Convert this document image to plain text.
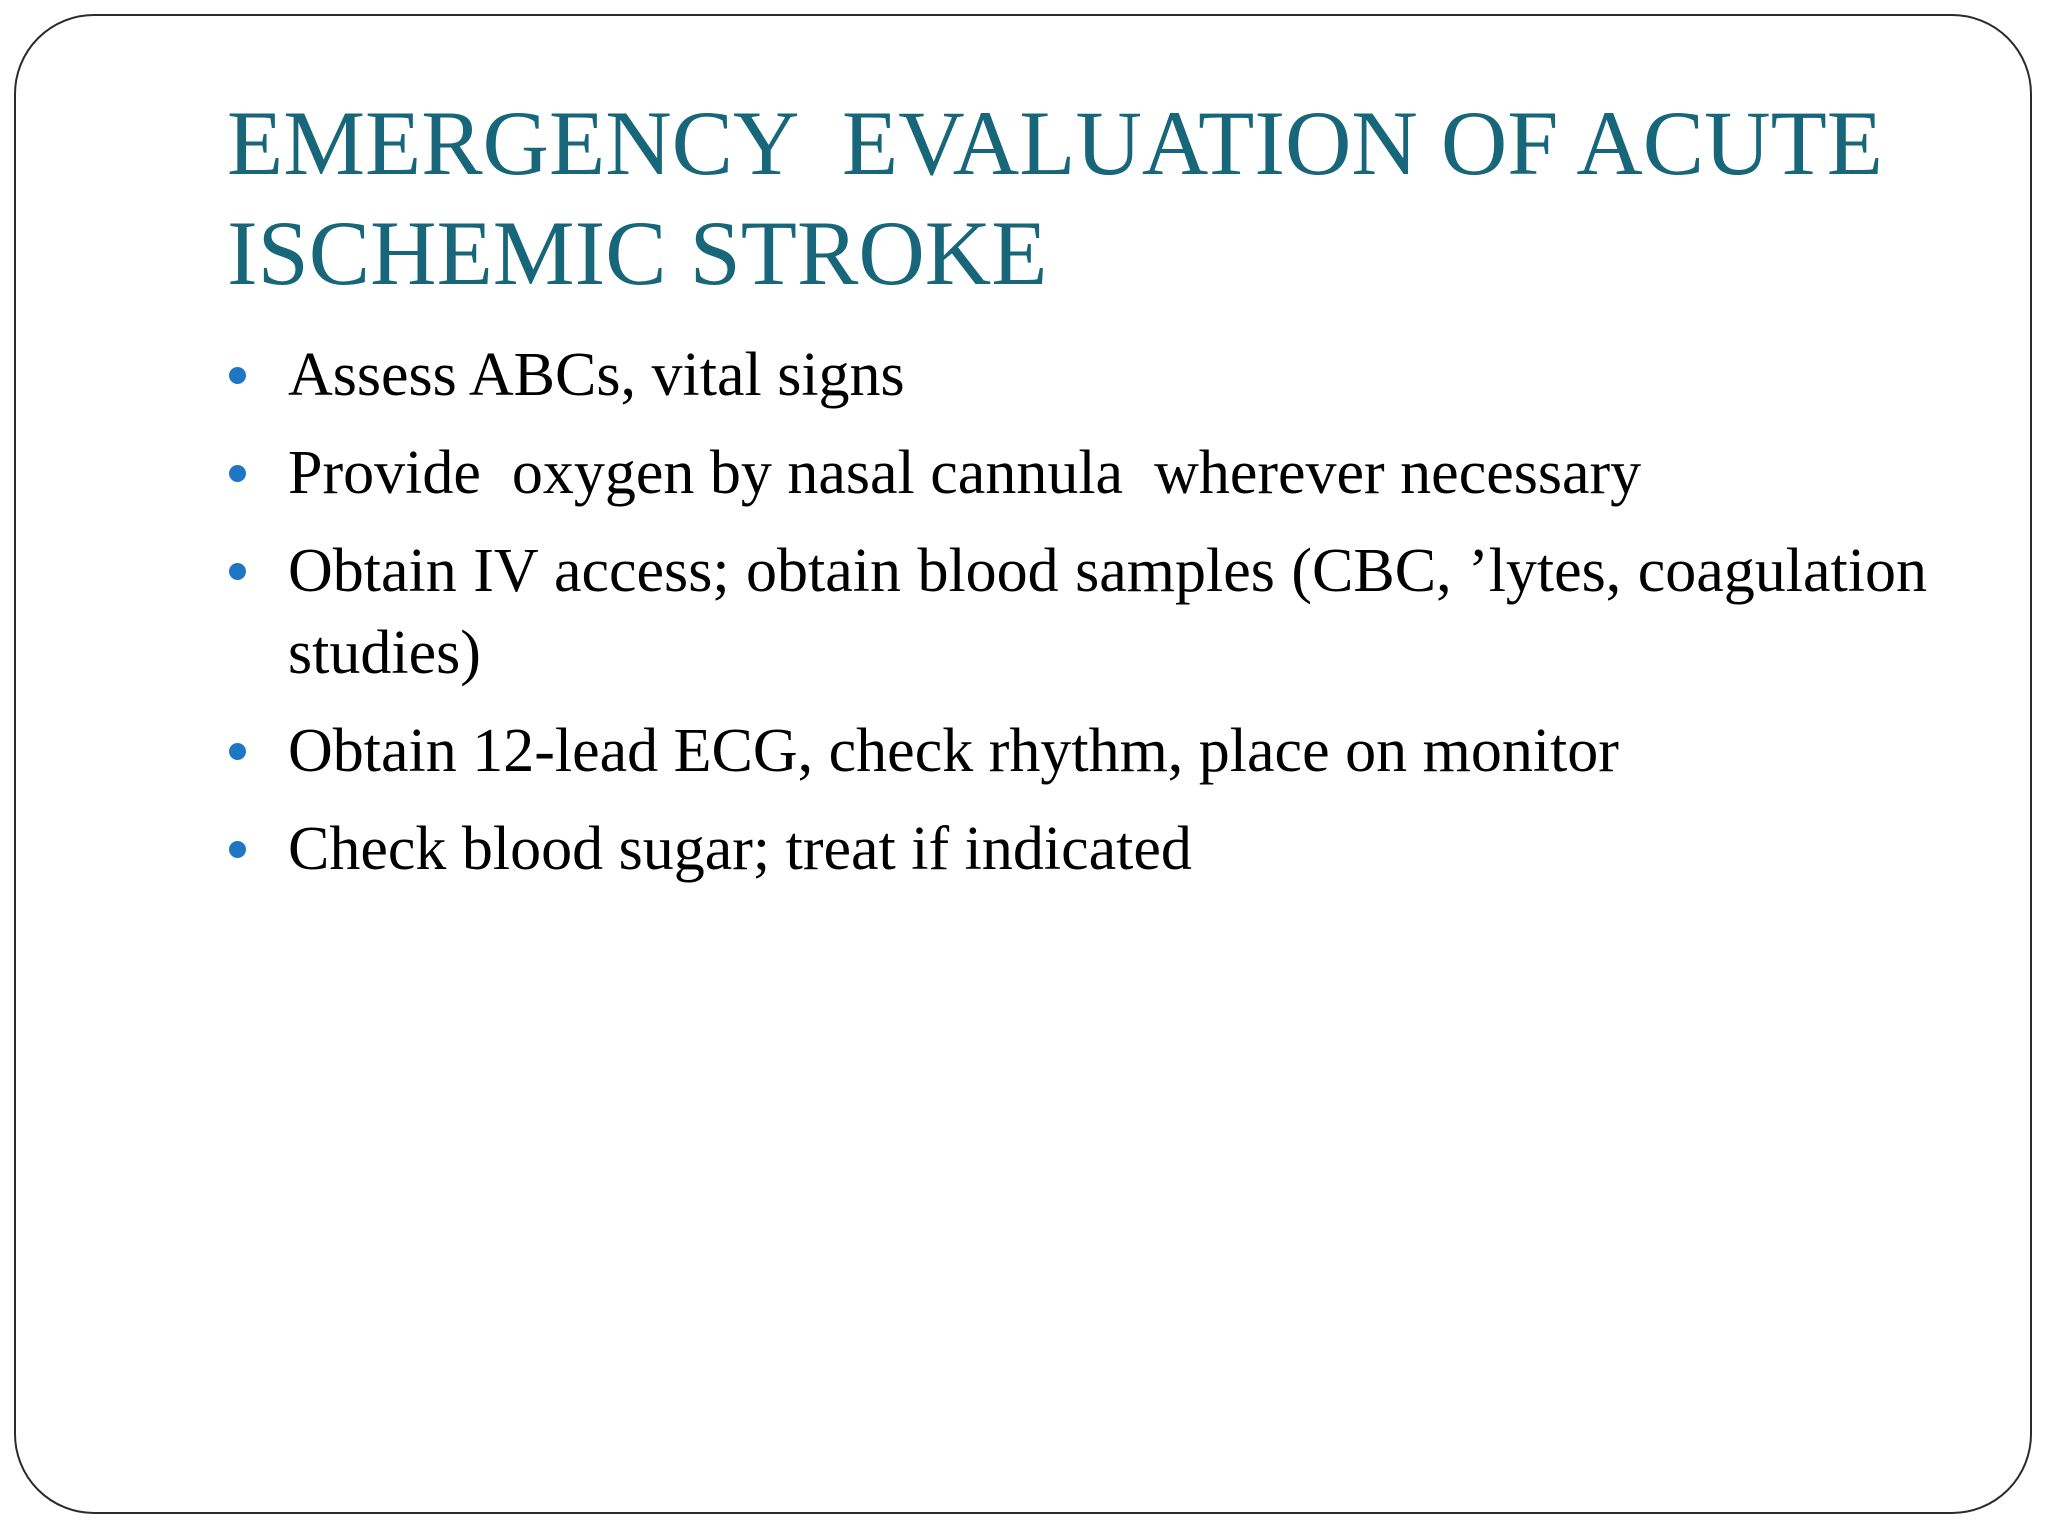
EMERGENCY  EVALUATION OF ACUTE
ISCHEMIC STROKE
Assess ABCs, vital signs
Provide  oxygen by nasal cannula  wherever necessary
Obtain IV access; obtain blood samples (CBC, ’lytes, coagulation studies)
Obtain 12-lead ECG, check rhythm, place on monitor
Check blood sugar; treat if indicated
